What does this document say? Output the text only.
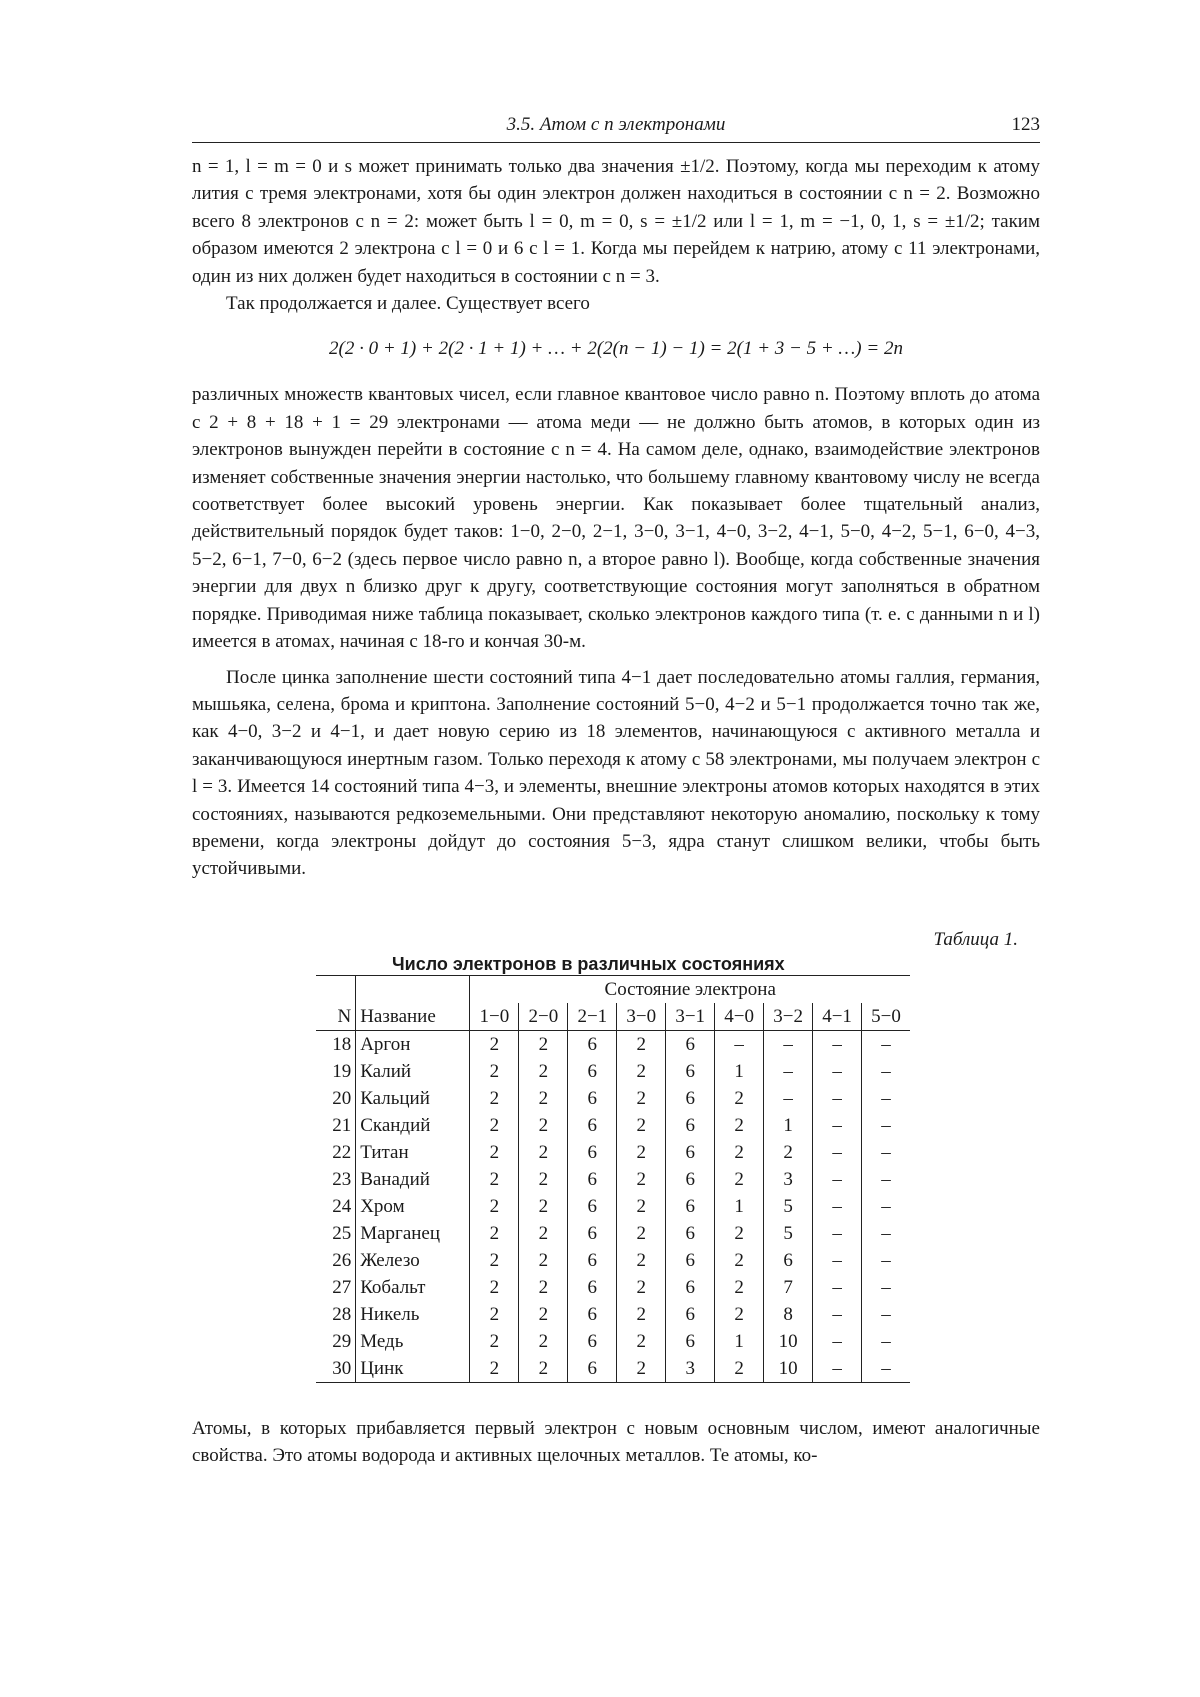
3.5. Атом с n электронами	123

n = 1, l = m = 0 и s может принимать только два значения ±1/2. Поэтому, когда мы переходим к атому лития с тремя электронами, хотя бы один электрон должен находиться в состоянии с n = 2. Возможно всего 8 электронов с n = 2: может быть l = 0, m = 0, s = ±1/2 или l = 1, m = −1, 0, 1, s = ±1/2; таким образом имеются 2 электрона с l = 0 и 6 с l = 1. Когда мы перейдем к натрию, атому с 11 электронами, один из них должен будет находиться в состоянии с n = 3.

Так продолжается и далее. Существует всего

2(2 · 0 + 1) + 2(2 · 1 + 1) + … + 2(2(n − 1) − 1) = 2(1 + 3 − 5 + …) = 2n

различных множеств квантовых чисел, если главное квантовое число равно n. Поэтому вплоть до атома с 2 + 8 + 18 + 1 = 29 электронами — атома меди — не должно быть атомов, в которых один из электронов вынужден перейти в состояние с n = 4. На самом деле, однако, взаимодействие электронов изменяет собственные значения энергии настолько, что большему главному квантовому числу не всегда соответствует более высокий уровень энергии. Как показывает более тщательный анализ, действительный порядок будет таков: 1−0, 2−0, 2−1, 3−0, 3−1, 4−0, 3−2, 4−1, 5−0, 4−2, 5−1, 6−0, 4−3, 5−2, 6−1, 7−0, 6−2 (здесь первое число равно n, а второе равно l). Вообще, когда собственные значения энергии для двух n близко друг к другу, соответствующие состояния могут заполняться в обратном порядке. Приводимая ниже таблица показывает, сколько электронов каждого типа (т. е. с данными n и l) имеется в атомах, начиная с 18-го и кончая 30-м.

После цинка заполнение шести состояний типа 4−1 дает последовательно атомы галлия, германия, мышьяка, селена, брома и криптона. Заполнение состояний 5−0, 4−2 и 5−1 продолжается точно так же, как 4−0, 3−2 и 4−1, и дает новую серию из 18 элементов, начинающуюся с активного металла и заканчивающуюся инертным газом. Только переходя к атому с 58 электронами, мы получаем электрон с l = 3. Имеется 14 состояний типа 4−3, и элементы, внешние электроны атомов которых находятся в этих состояниях, называются редкоземельными. Они представляют некоторую аномалию, поскольку к тому времени, когда электроны дойдут до состояния 5−3, ядра станут слишком велики, чтобы быть устойчивыми.

Таблица 1.
Число электронов в различных состояниях
		Состояние электрона								
N	Название	1−0	2−0	2−1	3−0	3−1	4−0	3−2	4−1	5−0
18	Аргон	2	2	6	2	6	–	–	–	–
19	Калий	2	2	6	2	6	1	–	–	–
20	Кальций	2	2	6	2	6	2	–	–	–
21	Скандий	2	2	6	2	6	2	1	–	–
22	Титан	2	2	6	2	6	2	2	–	–
23	Ванадий	2	2	6	2	6	2	3	–	–
24	Хром	2	2	6	2	6	1	5	–	–
25	Марганец	2	2	6	2	6	2	5	–	–
26	Железо	2	2	6	2	6	2	6	–	–
27	Кобальт	2	2	6	2	6	2	7	–	–
28	Никель	2	2	6	2	6	2	8	–	–
29	Медь	2	2	6	2	6	1	10	–	–
30	Цинк	2	2	6	2	3	2	10	–	–

Атомы, в которых прибавляется первый электрон с новым основным числом, имеют аналогичные свойства. Это атомы водорода и активных щелочных металлов. Те атомы, ко-
